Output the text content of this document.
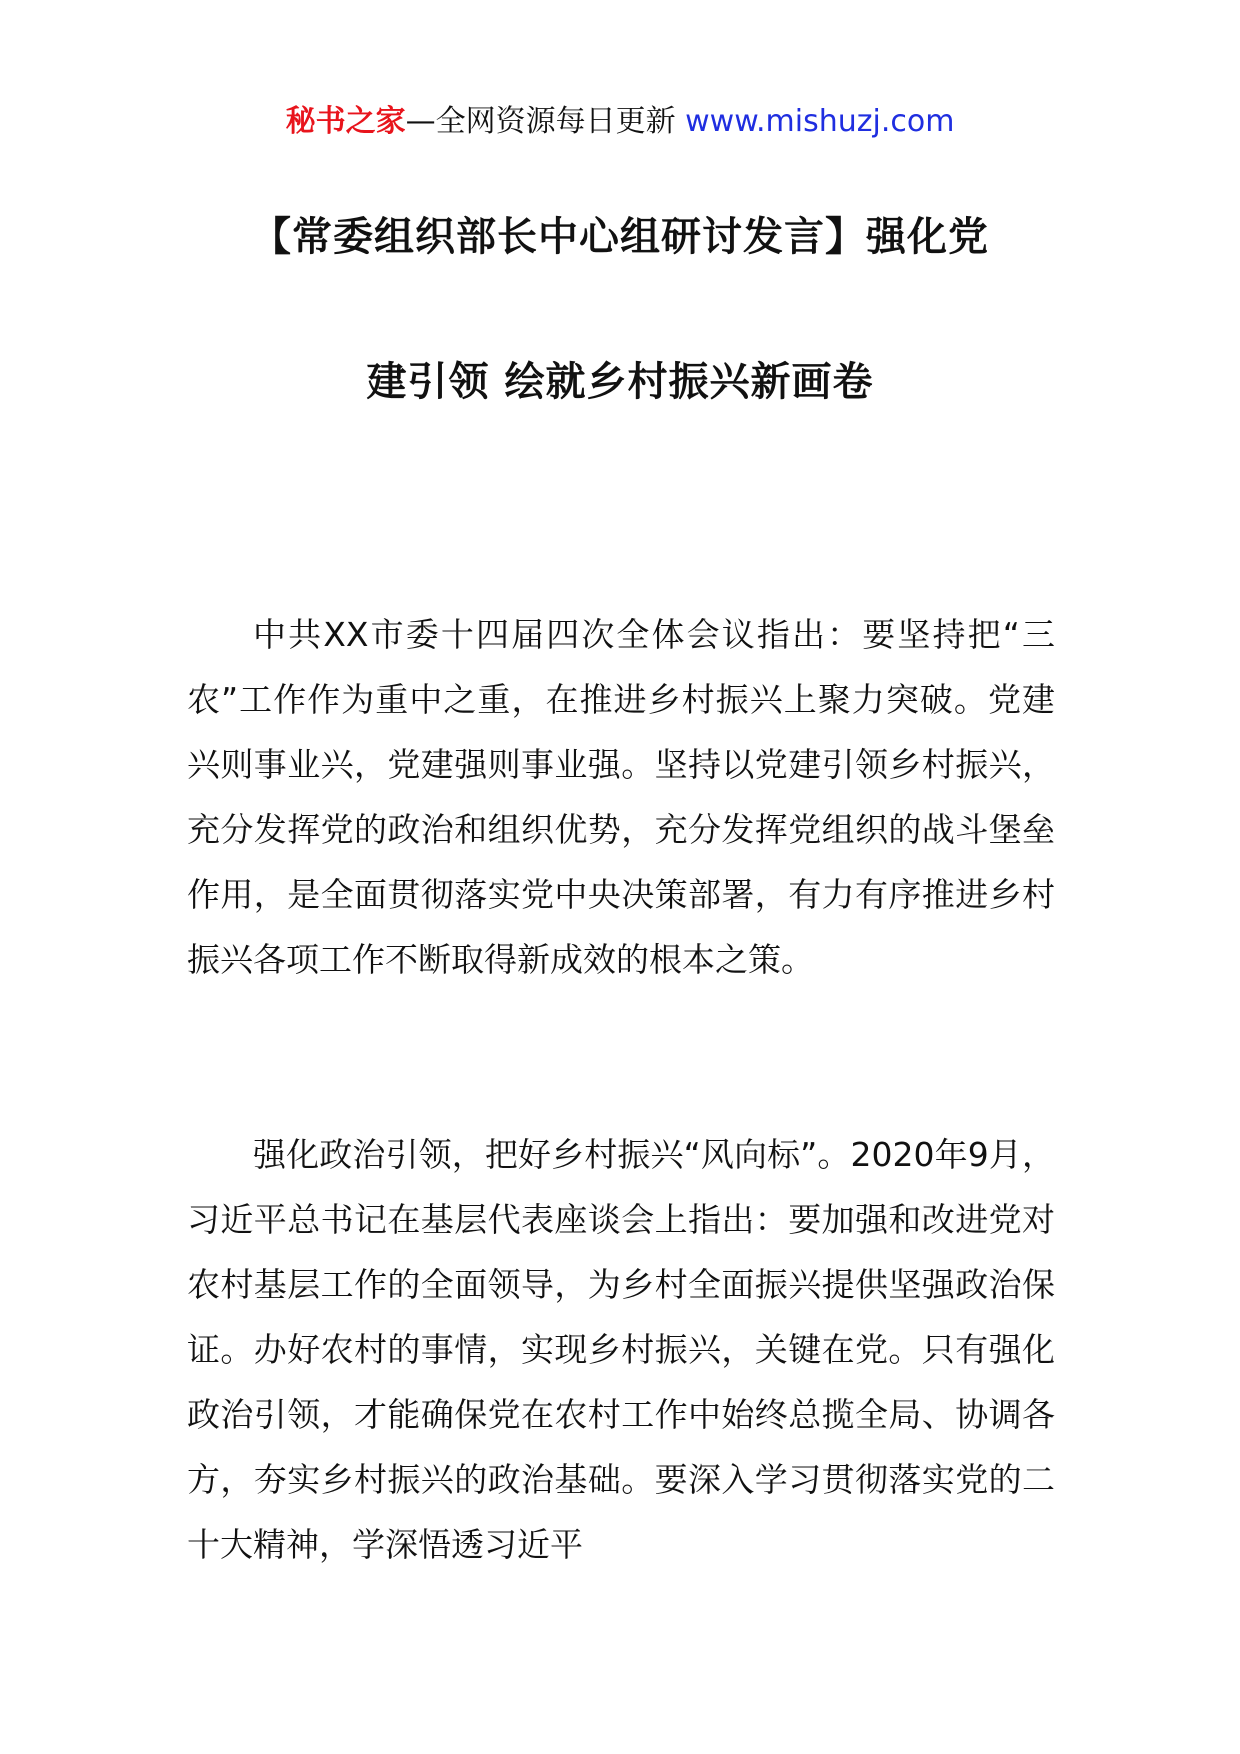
秘书之家—全网资源每日更新 www.mishuzj.com
【常委组织部长中心组研讨发言】强化党
建引领 绘就乡村振兴新画卷

中共XX市委十四届四次全体会议指出：要坚持把“三农”工作作为重中之重，在推进乡村振兴上聚力突破。党建兴则事业兴，党建强则事业强。坚持以党建引领乡村振兴，充分发挥党的政治和组织优势，充分发挥党组织的战斗堡垒作用，是全面贯彻落实党中央决策部署，有力有序推进乡村振兴各项工作不断取得新成效的根本之策。

强化政治引领，把好乡村振兴“风向标”。2020年9月，习近平总书记在基层代表座谈会上指出：要加强和改进党对农村基层工作的全面领导，为乡村全面振兴提供坚强政治保证。办好农村的事情，实现乡村振兴，关键在党。只有强化政治引领，才能确保党在农村工作中始终总揽全局、协调各方，夯实乡村振兴的政治基础。要深入学习贯彻落实党的二十大精神，学深悟透习近平
